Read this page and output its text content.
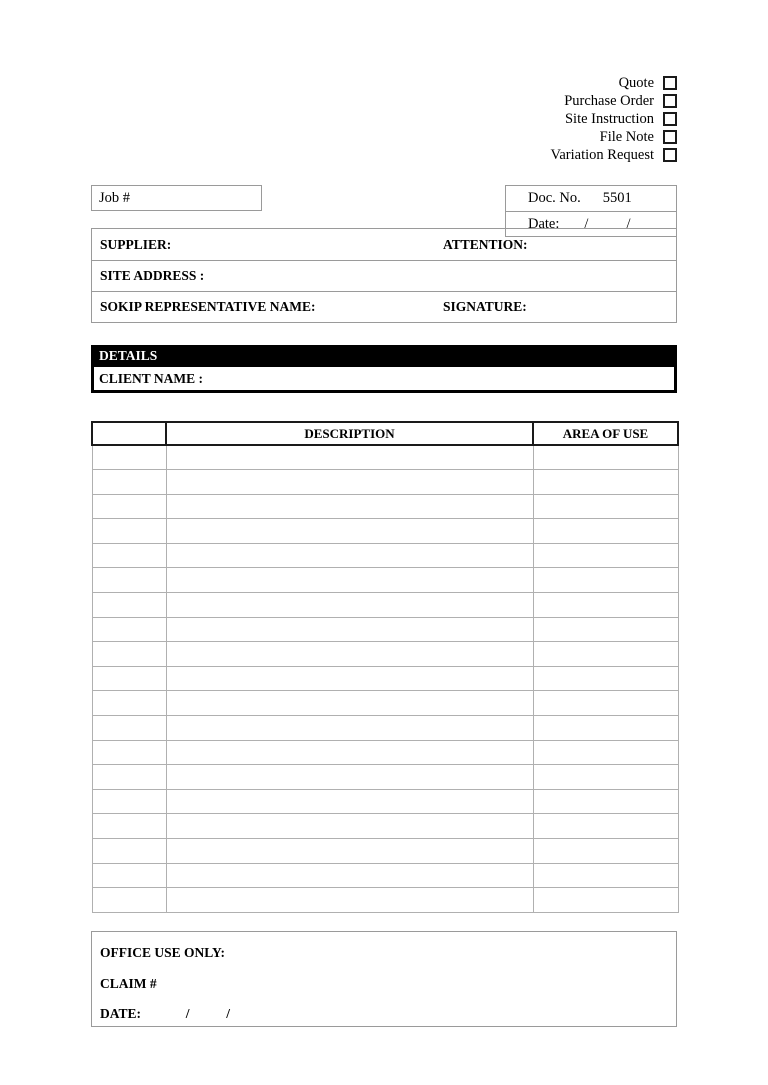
Quote
Purchase Order
Site Instruction
File Note
Variation Request
Job #	Doc. No. 5501
Date: /	/
SUPPLIER:	ATTENTION:
SITE ADDRESS :
SOKIP REPRESENTATIVE NAME:	SIGNATURE:
DETAILS
CLIENT NAME :
	DESCRIPTION	AREA OF USE

OFFICE USE ONLY:
CLAIM #
DATE:	/	/
